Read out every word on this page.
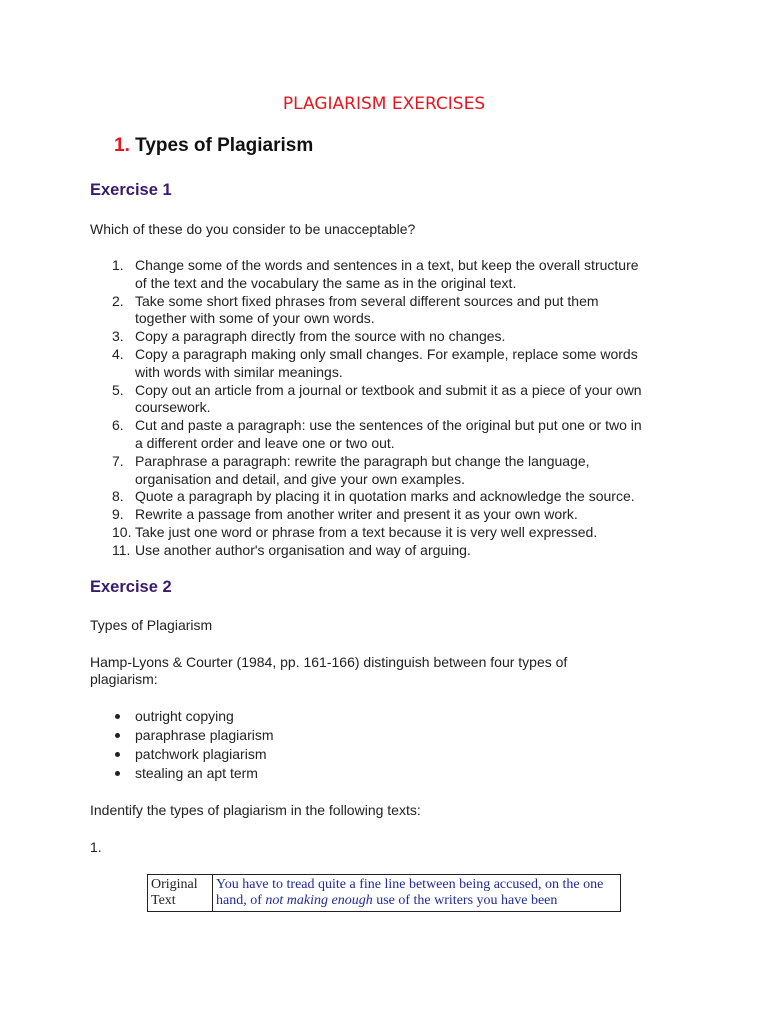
PLAGIARISM EXERCISES
1. Types of Plagiarism
Exercise 1
Which of these do you consider to be unacceptable?
1. Change some of the words and sentences in a text, but keep the overall structure
of the text and the vocabulary the same as in the original text.
2. Take some short fixed phrases from several different sources and put them
together with some of your own words.
3. Copy a paragraph directly from the source with no changes.
4. Copy a paragraph making only small changes. For example, replace some words
with words with similar meanings.
5. Copy out an article from a journal or textbook and submit it as a piece of your own
coursework.
6. Cut and paste a paragraph: use the sentences of the original but put one or two in
a different order and leave one or two out.
7. Paraphrase a paragraph: rewrite the paragraph but change the language,
organisation and detail, and give your own examples.
8. Quote a paragraph by placing it in quotation marks and acknowledge the source.
9. Rewrite a passage from another writer and present it as your own work.
10. Take just one word or phrase from a text because it is very well expressed.
11. Use another author's organisation and way of arguing.
Exercise 2
Types of Plagiarism
Hamp-Lyons & Courter (1984, pp. 161-166) distinguish between four types of
plagiarism:
outright copying
paraphrase plagiarism
patchwork plagiarism
stealing an apt term
Indentify the types of plagiarism in the following texts:
1.
Original
Text	You have to tread quite a fine line between being accused, on the one hand, of not making enough use of the writers you have been
